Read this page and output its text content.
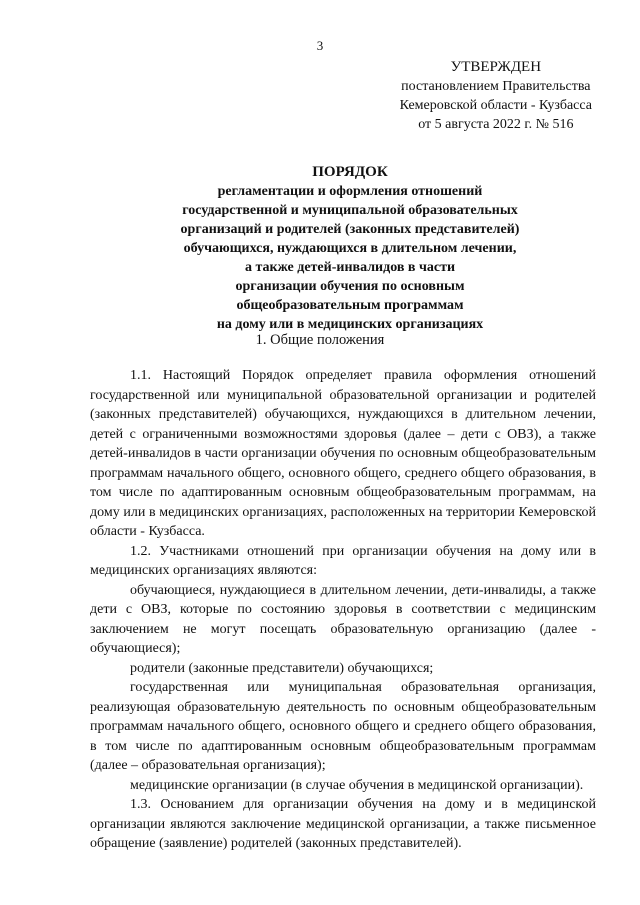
3
УТВЕРЖДЕН
постановлением Правительства
Кемеровской области - Кузбасса
от 5 августа 2022 г. № 516
ПОРЯДОК
регламентации и оформления отношений
государственной и муниципальной образовательных
организаций и родителей (законных представителей)
обучающихся, нуждающихся в длительном лечении,
а также детей-инвалидов в части
организации обучения по основным
общеобразовательным программам
на дому или в медицинских организациях
1. Общие положения

1.1. Настоящий Порядок определяет правила оформления отношений государственной или муниципальной образовательной организации и родителей (законных представителей) обучающихся, нуждающихся в длительном лечении, детей с ограниченными возможностями здоровья (далее – дети с ОВЗ), а также детей-инвалидов в части организации обучения по основным общеобразовательным программам начального общего, основного общего, среднего общего образования, в том числе по адаптированным основным общеобразовательным программам, на дому или в медицинских организациях, расположенных на территории Кемеровской области - Кузбасса.

1.2. Участниками отношений при организации обучения на дому или в медицинских организациях являются:

обучающиеся, нуждающиеся в длительном лечении, дети-инвалиды, а также дети с ОВЗ, которые по состоянию здоровья в соответствии с медицинским заключением не могут посещать образовательную организацию (далее - обучающиеся);

родители (законные представители) обучающихся;

государственная или муниципальная образовательная организация, реализующая образовательную деятельность по основным общеобразовательным программам начального общего, основного общего и среднего общего образования, в том числе по адаптированным основным общеобразовательным программам (далее – образовательная организация);

медицинские организации (в случае обучения в медицинской организации).

1.3. Основанием для организации обучения на дому и в медицинской организации являются заключение медицинской организации, а также письменное обращение (заявление) родителей (законных представителей).
